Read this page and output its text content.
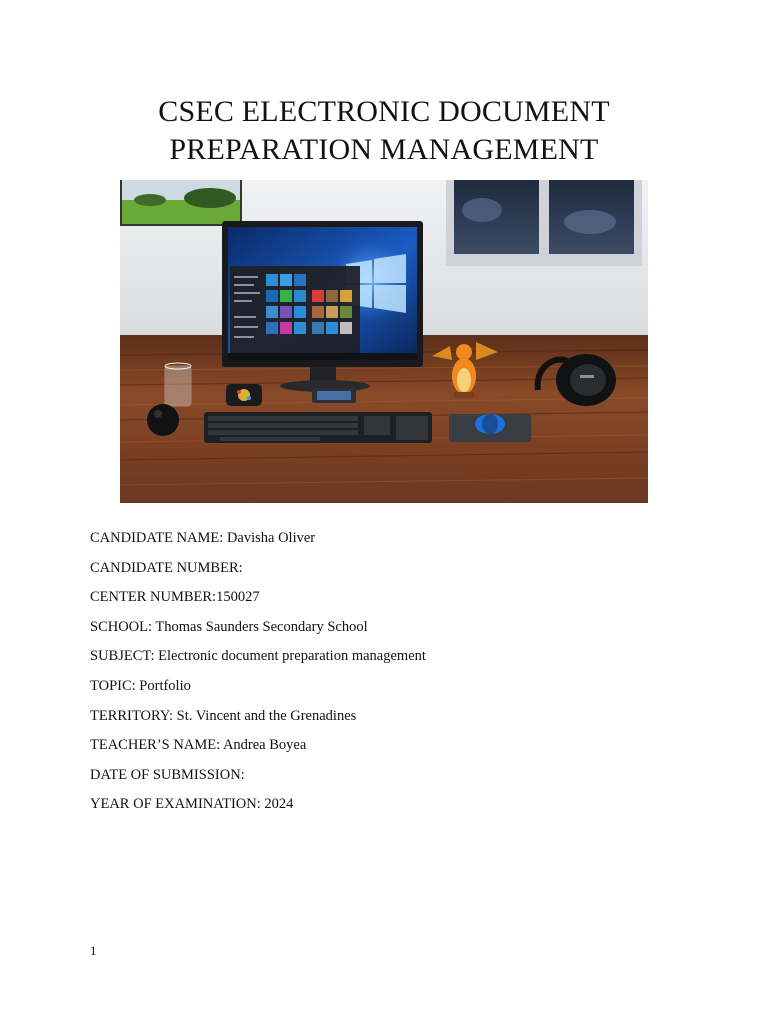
CSEC ELECTRONIC DOCUMENT
PREPARATION MANAGEMENT
CANDIDATE NAME: Davisha Oliver
CANDIDATE NUMBER:
CENTER NUMBER:150027
SCHOOL: Thomas Saunders Secondary School
SUBJECT: Electronic document preparation management
TOPIC: Portfolio
TERRITORY: St. Vincent and the Grenadines
TEACHER’S NAME: Andrea Boyea
DATE OF SUBMISSION:
YEAR OF EXAMINATION: 2024
1
